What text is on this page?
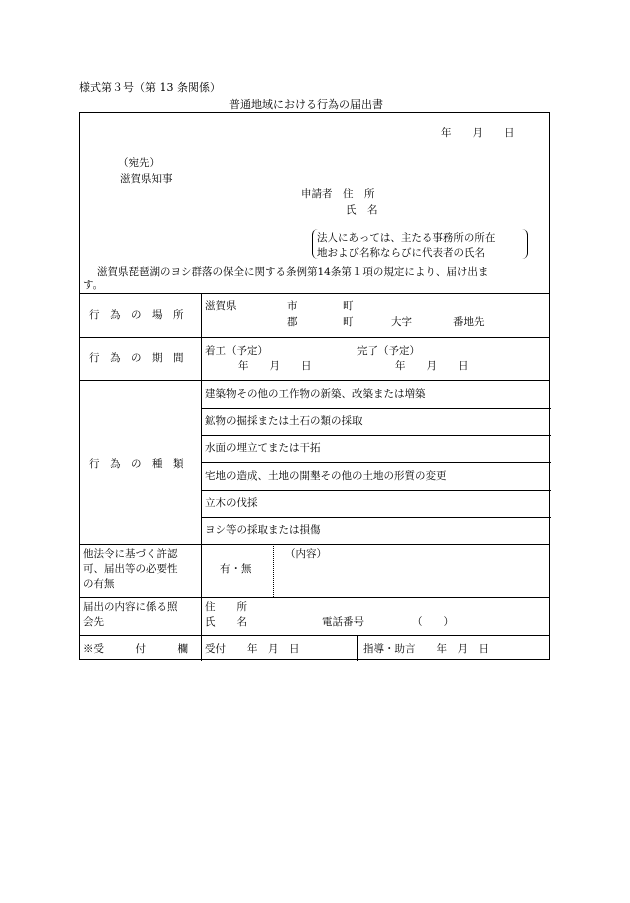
様式第３号（第 13 条関係）
普通地域における行為の届出書
年　　月　　日
（宛先）
滋賀県知事
申請者　住　所
氏　名
法人にあっては、主たる事務所の所在
地および名称ならびに代表者の氏名
滋賀県琵琶湖のヨシ群落の保全に関する条例第14条第１項の規定により、届け出ま
す。
行　為　の　場　所
滋賀県	市	町
郡	町	大字	番地先
行　為　の　期　間
着工（予定）	完了（予定）
年　　月　　日	年　　月　　日
行　為　の　種　類
建築物その他の工作物の新築、改築または増築
鉱物の掘採または土石の類の採取
水面の埋立てまたは干拓
宅地の造成、土地の開墾その他の土地の形質の変更
立木の伐採
ヨシ等の採取または損傷
他法令に基づく許認
可、届出等の必要性
の有無
有・無
（内容）
届出の内容に係る照
会先
住　　所
氏　　名	電話番号	（　　）
※受　　　付　　　欄 受付　　年　月　日	指導・助言　　年　月　日
